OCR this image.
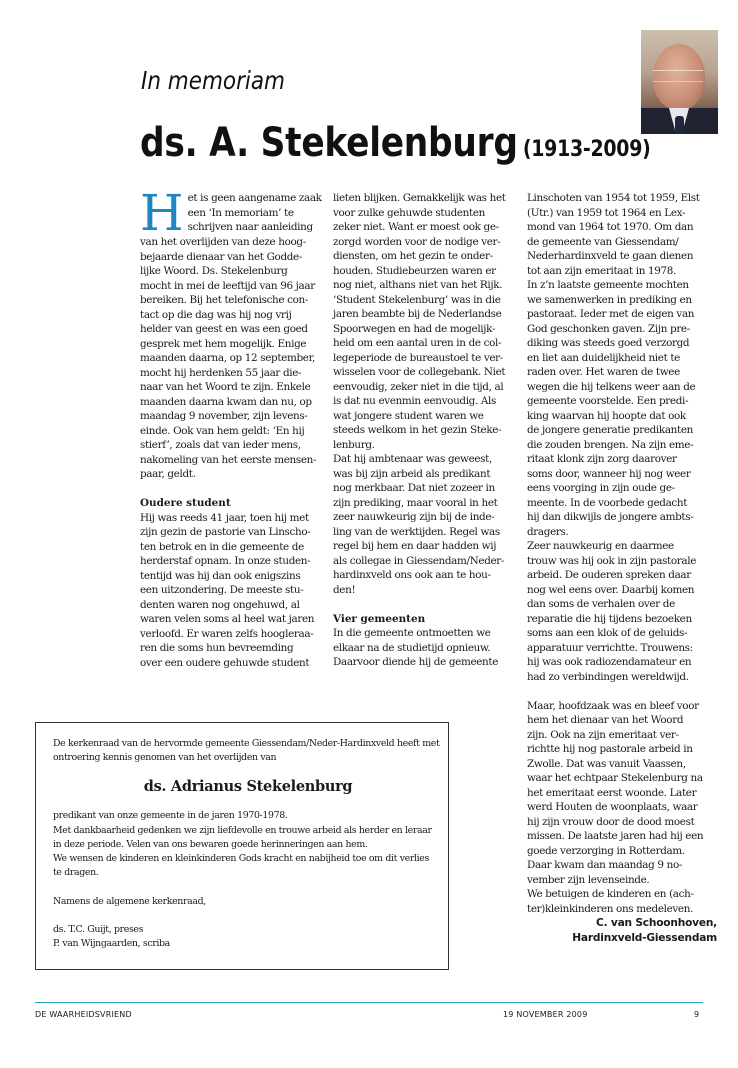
In memoriam
ds. A. Stekelenburg (1913-2009)
H et is geen aangename zaak
een ‘In memoriam’ te
schrijven naar aanleiding
van het overlijden van deze hoog-
bejaarde dienaar van het Godde-
lijke Woord. Ds. Stekelenburg
mocht in mei de leeftijd van 96 jaar
bereiken. Bij het telefonische con-
tact op die dag was hij nog vrij
helder van geest en was een goed
gesprek met hem mogelijk. Enige
maanden daarna, op 12 september,
mocht hij herdenken 55 jaar die-
naar van het Woord te zijn. Enkele
maanden daarna kwam dan nu, op
maandag 9 november, zijn levens-
einde. Ook van hem geldt: ‘En hij
stierf’, zoals dat van ieder mens,
nakomeling van het eerste mensen-
paar, geldt.

Oudere student

Hij was reeds 41 jaar, toen hij met
zijn gezin de pastorie van Linscho-
ten betrok en in die gemeente de
herderstaf opnam. In onze studen-
tentijd was hij dan ook enigszins
een uitzondering. De meeste stu-
denten waren nog ongehuwd, al
waren velen soms al heel wat jaren
verloofd. Er waren zelfs hoogleraa-
ren die soms hun bevreemding
over een oudere gehuwde student
lieten blijken. Gemakkelijk was het
voor zulke gehuwde studenten
zeker niet. Want er moest ook ge-
zorgd worden voor de nodige ver-
diensten, om het gezin te onder-
houden. Studiebeurzen waren er
nog niet, althans niet van het Rijk.
‘Student Stekelenburg’ was in die
jaren beambte bij de Nederlandse
Spoorwegen en had de mogelijk-
heid om een aantal uren in de col-
legeperiode de bureaustoel te ver-
wisselen voor de collegebank. Niet
eenvoudig, zeker niet in die tijd, al
is dat nu evenmin eenvoudig. Als
wat jongere student waren we
steeds welkom in het gezin Steke-
lenburg.
Dat hij ambtenaar was geweest,
was bij zijn arbeid als predikant
nog merkbaar. Dat niet zozeer in
zijn prediking, maar vooral in het
zeer nauwkeurig zijn bij de inde-
ling van de werktijden. Regel was
regel bij hem en daar hadden wij
als collegae in Giessendam/Neder-
hardinxveld ons ook aan te hou-
den!

Vier gemeenten

In die gemeente ontmoetten we
elkaar na de studietijd opnieuw.
Daarvoor diende hij de gemeente
Linschoten van 1954 tot 1959, Elst
(Utr.) van 1959 tot 1964 en Lex-
mond van 1964 tot 1970. Om dan
de gemeente van Giessendam/
Nederhardinxveld te gaan dienen
tot aan zijn emeritaat in 1978.
In z’n laatste gemeente mochten
we samenwerken in prediking en
pastoraat. Ieder met de eigen van
God geschonken gaven. Zijn pre-
diking was steeds goed verzorgd
en liet aan duidelijkheid niet te
raden over. Het waren de twee
wegen die hij telkens weer aan de
gemeente voorstelde. Een predi-
king waarvan hij hoopte dat ook
de jongere generatie predikanten
die zouden brengen. Na zijn eme-
ritaat klonk zijn zorg daarover
soms door, wanneer hij nog weer
eens voorging in zijn oude ge-
meente. In de voorbede gedacht
hij dan dikwijls de jongere ambts-
dragers.
Zeer nauwkeurig en daarmee
trouw was hij ook in zijn pastorale
arbeid. De ouderen spreken daar
nog wel eens over. Daarbij komen
dan soms de verhalen over de
reparatie die hij tijdens bezoeken
soms aan een klok of de geluids-
apparatuur verrichtte. Trouwens:
hij was ook radiozendamateur en
had zo verbindingen wereldwijd.
Maar, hoofdzaak was en bleef voor
hem het dienaar van het Woord
zijn. Ook na zijn emeritaat ver-
richtte hij nog pastorale arbeid in
Zwolle. Dat was vanuit Vaassen,
waar het echtpaar Stekelenburg na
het emeritaat eerst woonde. Later
werd Houten de woonplaats, waar
hij zijn vrouw door de dood moest
missen. De laatste jaren had hij een
goede verzorging in Rotterdam.
Daar kwam dan maandag 9 no-
vember zijn levenseinde.
We betuigen de kinderen en (ach-
ter)kleinkinderen ons medeleven.
C. van Schoonhoven,
Hardinxveld-Giessendam
De kerkenraad van de hervormde gemeente Giessendam/Neder-Hardinxveld heeft met
ontroering kennis genomen van het overlijden van

ds. Adrianus Stekelenburg

predikant van onze gemeente in de jaren 1970-1978.
Met dankbaarheid gedenken we zijn liefdevolle en trouwe arbeid als herder en leraar
in deze periode. Velen van ons bewaren goede herinneringen aan hem.
We wensen de kinderen en kleinkinderen Gods kracht en nabijheid toe om dit verlies
te dragen.

Namens de algemene kerkenraad,

ds. T.C. Guijt, preses
P. van Wijngaarden, scriba
DE WAARHEIDSVRIEND	19 NOVEMBER 2009	9
